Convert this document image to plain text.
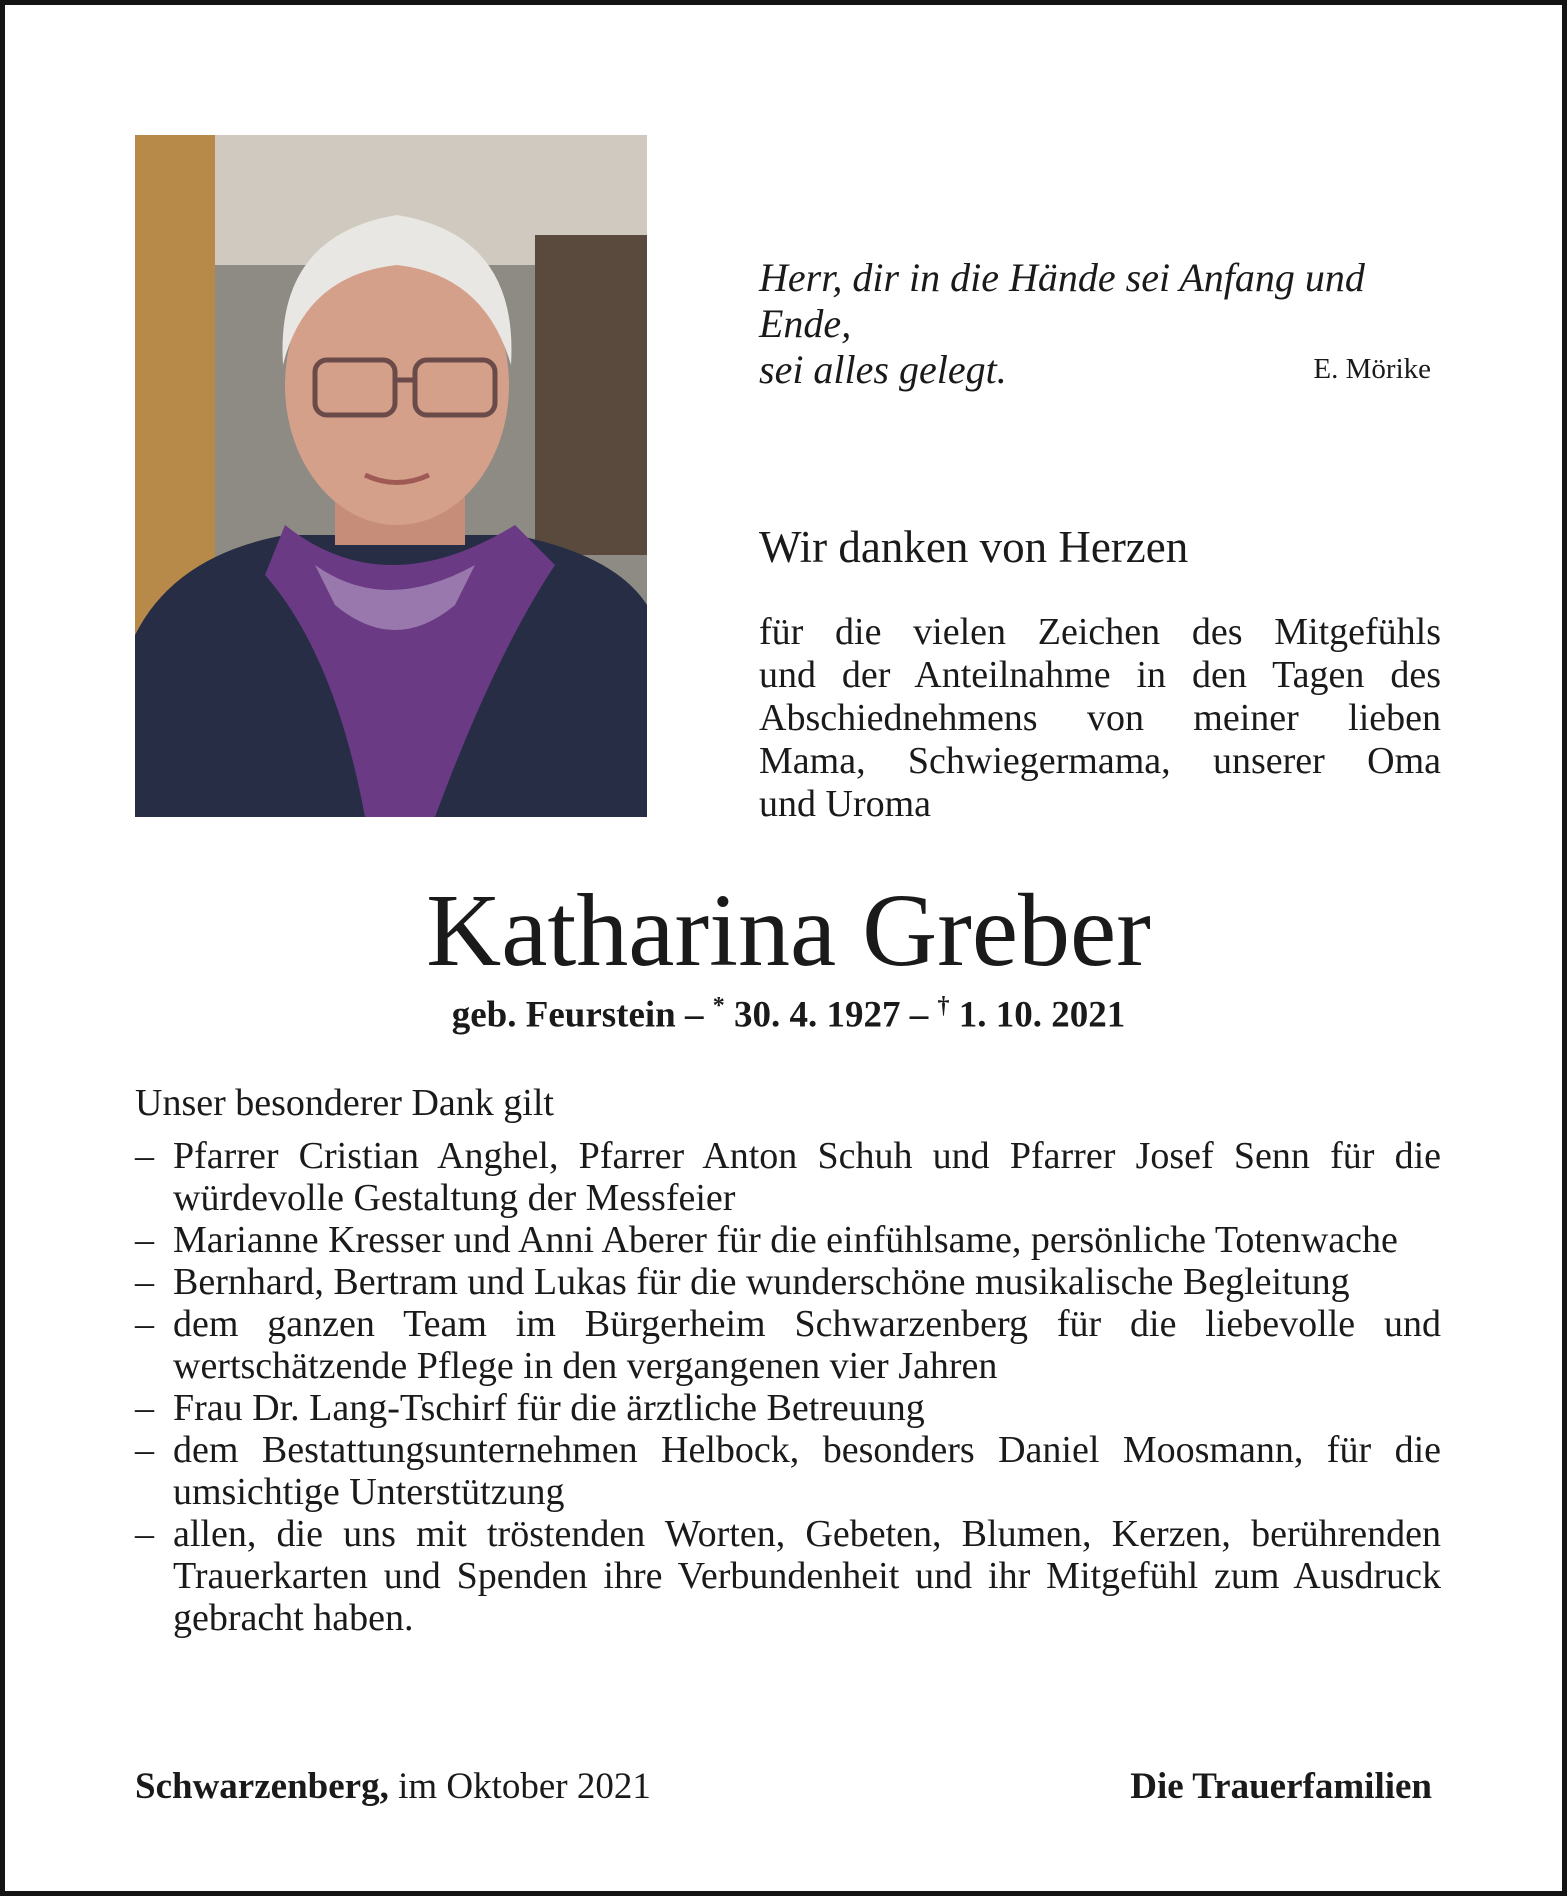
Herr, dir in die Hände sei Anfang und Ende,
sei alles gelegt.	E. Mörike
Wir danken von Herzen
für die vielen Zeichen des Mitgefühls
und der Anteilnahme in den Tagen des
Abschiednehmens von meiner lieben
Mama, Schwiegermama, unserer Oma
und Uroma
Katharina Greber
geb. Feurstein – * 30. 4. 1927 – † 1. 10. 2021
Unser besonderer Dank gilt
– Pfarrer Cristian Anghel, Pfarrer Anton Schuh und Pfarrer Josef Senn für die würdevolle Gestaltung der Messfeier
– Marianne Kresser und Anni Aberer für die einfühlsame, persönliche Totenwache
– Bernhard, Bertram und Lukas für die wunderschöne musikalische Begleitung
– dem ganzen Team im Bürgerheim Schwarzenberg für die liebevolle und wertschätzende Pflege in den vergangenen vier Jahren
– Frau Dr. Lang-Tschirf für die ärztliche Betreuung
– dem Bestattungsunternehmen Helbock, besonders Daniel Moosmann, für die umsichtige Unterstützung
– allen, die uns mit tröstenden Worten, Gebeten, Blumen, Kerzen, berührenden Trauerkarten und Spenden ihre Verbundenheit und ihr Mitgefühl zum Ausdruck gebracht haben.
Schwarzenberg, im Oktober 2021	Die Trauerfamilien
